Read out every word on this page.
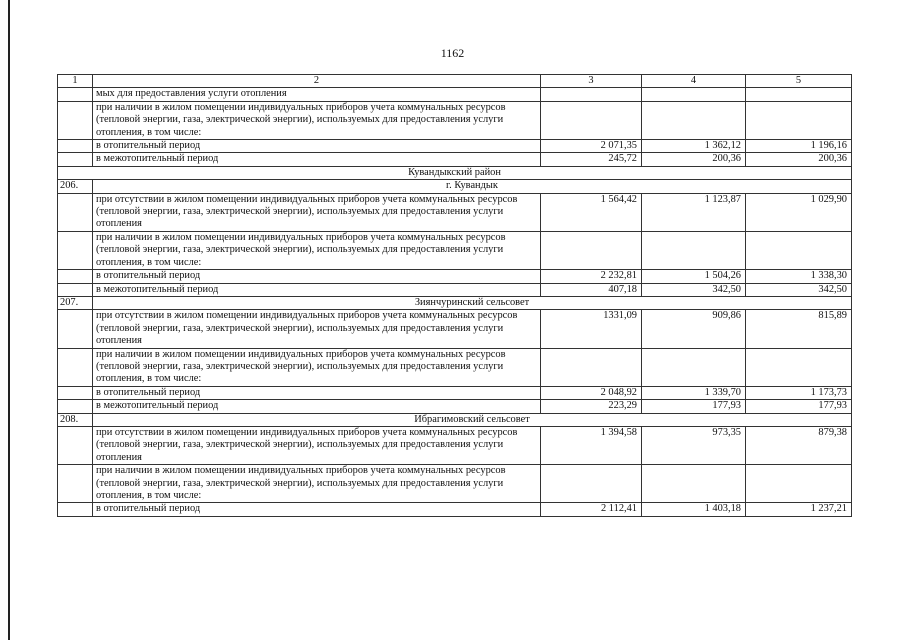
1162
1	2	3	4	5
	мых для предоставления услуги отопления			
	при наличии в жилом помещении индивидуальных приборов учета коммунальных ресурсов (тепловой энергии, газа, электрической энергии), используемых для предоставления услуги отопления, в том числе:			
	в отопительный период	2 071,35	1 362,12	1 196,16
	в межотопительный период	245,72	200,36	200,36
Кувандыкский район				
206.	г. Кувандык			
	при отсутствии в жилом помещении индивидуальных приборов учета коммунальных ресурсов (тепловой энергии, газа, электрической энергии), используемых для предоставления услуги отопления	1 564,42	1 123,87	1 029,90
	при наличии в жилом помещении индивидуальных приборов учета коммунальных ресурсов (тепловой энергии, газа, электрической энергии), используемых для предоставления услуги отопления, в том числе:			
	в отопительный период	2 232,81	1 504,26	1 338,30
	в межотопительный период	407,18	342,50	342,50
207.	Зиянчуринский сельсовет			
	при отсутствии в жилом помещении индивидуальных приборов учета коммунальных ресурсов (тепловой энергии, газа, электрической энергии), используемых для предоставления услуги отопления	1331,09	909,86	815,89
	при наличии в жилом помещении индивидуальных приборов учета коммунальных ресурсов (тепловой энергии, газа, электрической энергии), используемых для предоставления услуги отопления, в том числе:			
	в отопительный период	2 048,92	1 339,70	1 173,73
	в межотопительный период	223,29	177,93	177,93
208.	Ибрагимовский сельсовет			
	при отсутствии в жилом помещении индивидуальных приборов учета коммунальных ресурсов (тепловой энергии, газа, электрической энергии), используемых для предоставления услуги отопления	1 394,58	973,35	879,38
	при наличии в жилом помещении индивидуальных приборов учета коммунальных ресурсов (тепловой энергии, газа, электрической энергии), используемых для предоставления услуги отопления, в том числе:			
	в отопительный период	2 112,41	1 403,18	1 237,21
